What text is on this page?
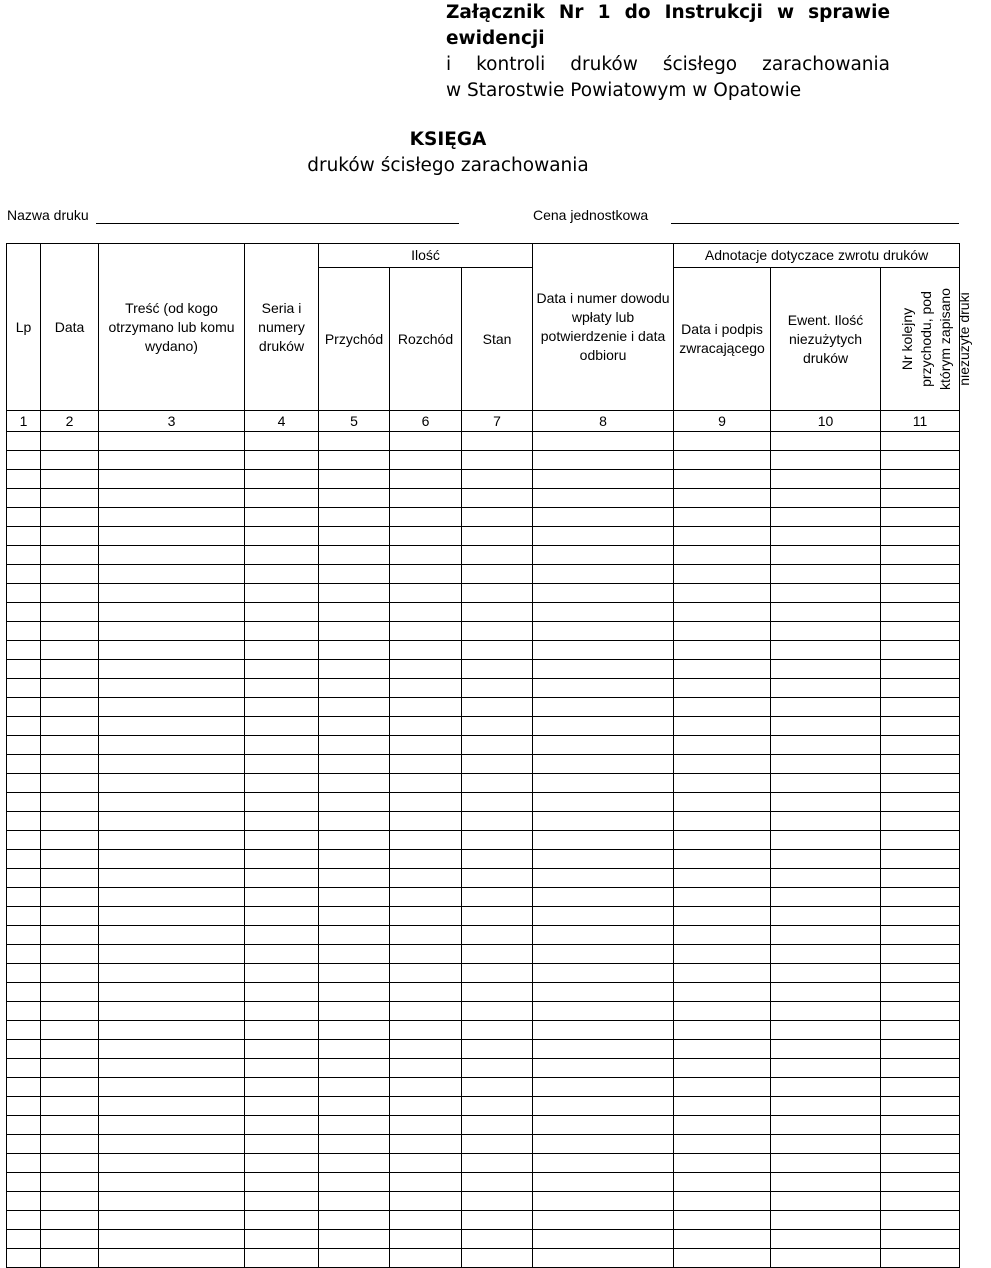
Załącznik Nr 1 do Instrukcji w sprawie ewidencji
i kontroli druków ścisłego zarachowania
w Starostwie Powiatowym w Opatowie
KSIĘGA
druków ścisłego zarachowania
Nazwa druku	Cena jednostkowa
Lp	Data	Treść (od kogo otrzymano lub komu wydano)	Seria i numery druków	Ilość			Data i numer dowodu wpłaty lub potwierdzenie i data odbioru	Adnotacje dotyczace zwrotu druków		
				Przychód	Rozchód	Stan		Data i podpis zwracającego	Ewent. Ilość niezużytych druków	Nr kolejny przychodu, pod którym zapisano niezużyte druki
1	2	3	4	5	6	7	8	9	10	11
